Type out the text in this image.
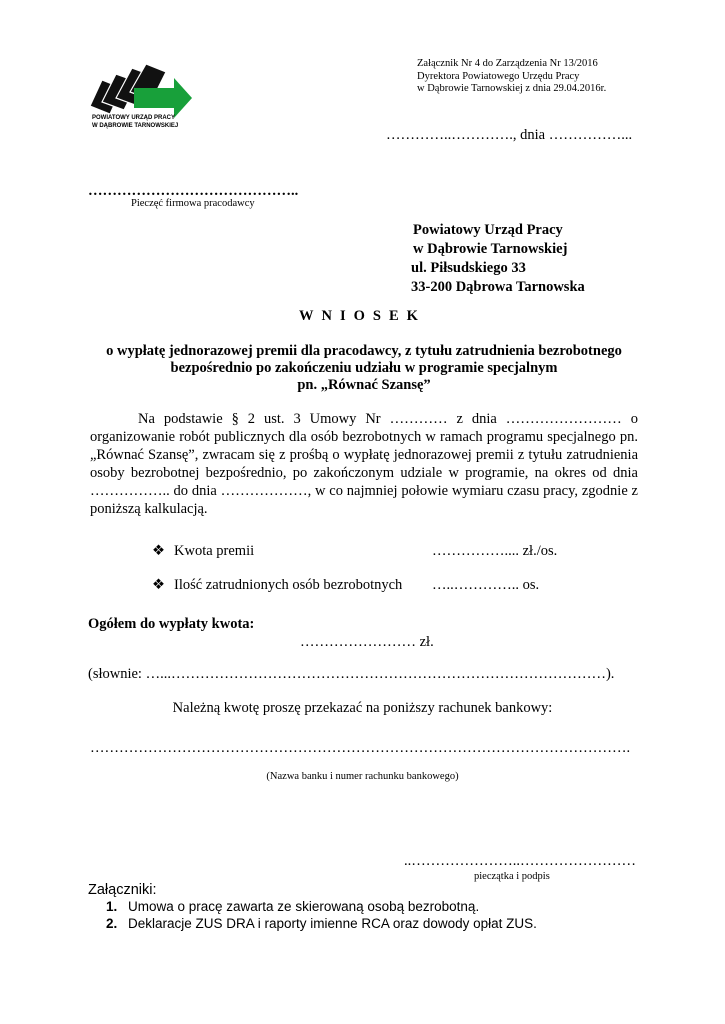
POWIATOWY URZĄD PRACY
W DĄBROWIE TARNOWSKIEJ
Załącznik Nr 4 do Zarządzenia Nr 13/2016
Dyrektora Powiatowego Urzędu Pracy
w Dąbrowie Tarnowskiej z dnia 29.04.2016r.
…………..…………., dnia ……………...
……………………………………..
Pieczęć firmowa pracodawcy
Powiatowy Urząd Pracy
w Dąbrowie Tarnowskiej
ul. Piłsudskiego 33
33-200 Dąbrowa Tarnowska
WNIOSEK
o wypłatę jednorazowej premii dla pracodawcy, z tytułu zatrudnienia bezrobotnego
bezpośrednio po zakończeniu udziału w programie specjalnym
pn. „Równać Szansę”

Na podstawie § 2 ust. 3 Umowy Nr ………… z dnia …………………… o organizowanie robót publicznych dla osób bezrobotnych w ramach programu specjalnego pn. „Równać Szansę”, zwracam się z prośbą o wypłatę jednorazowej premii z tytułu zatrudnienia osoby bezrobotnej bezpośrednio, po zakończonym udziale w programie, na okres od dnia …………….. do dnia ………………, w co najmniej połowie wymiaru czasu pracy, zgodnie z poniższą kalkulacją.

❖ Kwota premii	…………….... zł./os.
❖ Ilość zatrudnionych osób bezrobotnych …..………….. os.
Ogółem do wypłaty kwota:
…………………… zł.
(słownie: …...………………………………………………………………………………).
Należną kwotę proszę przekazać na poniższy rachunek bankowy:
………………………………………………………………………………………………….
(Nazwa banku i numer rachunku bankowego)
..…………………..……………………
pieczątka i podpis
Załączniki:
1. Umowa o pracę zawarta ze skierowaną osobą bezrobotną.
2. Deklaracje ZUS DRA i raporty imienne RCA oraz dowody opłat ZUS.
